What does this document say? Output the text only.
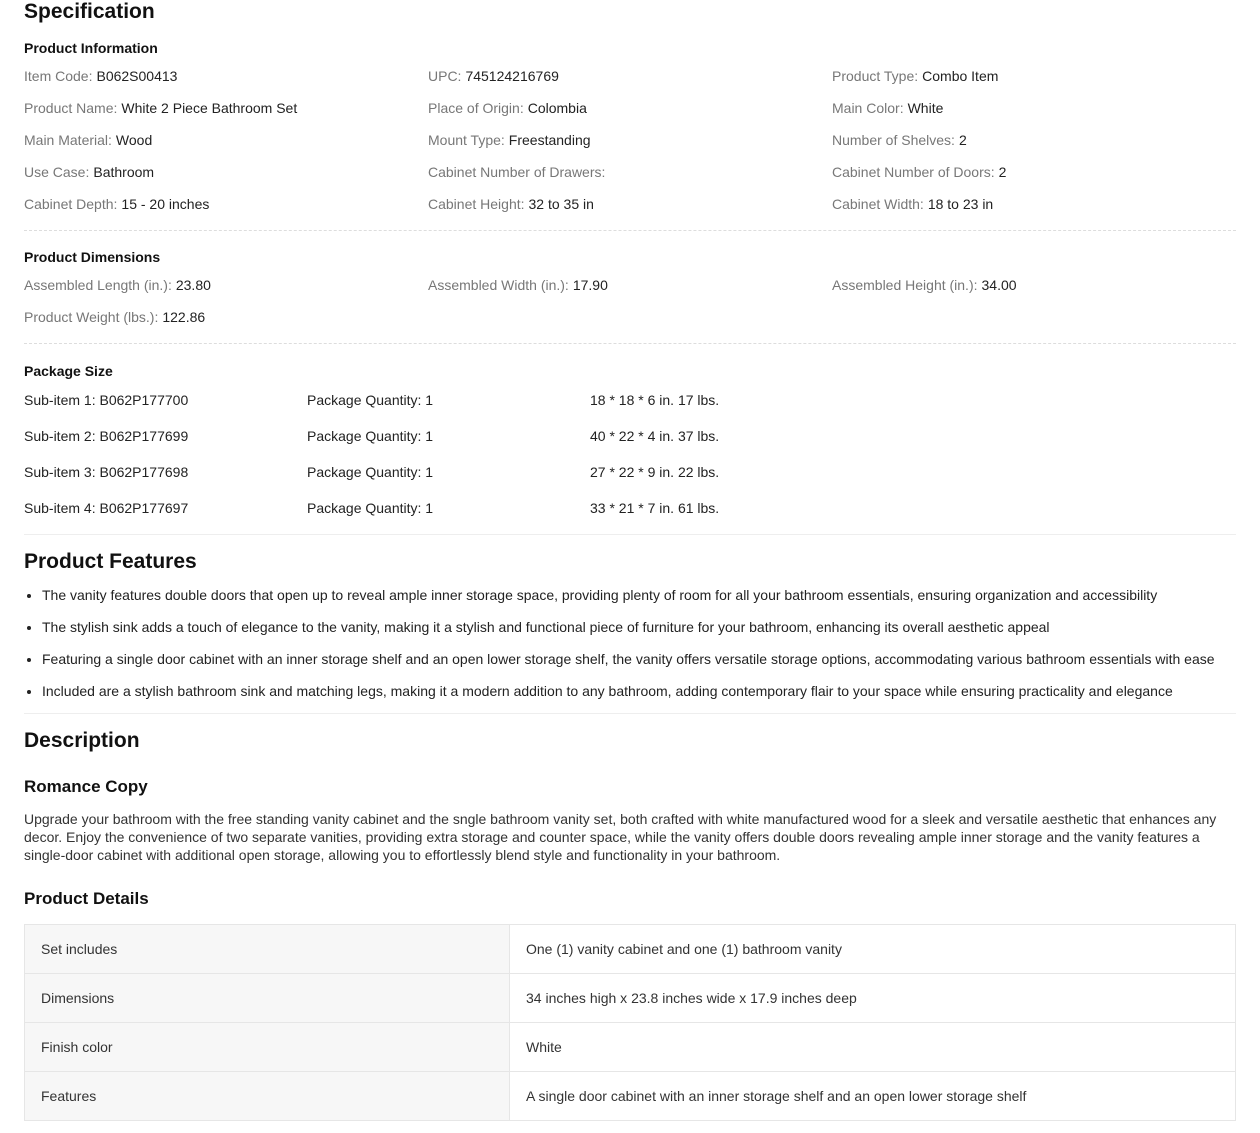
Specification
Product Information
Item Code: B062S00413	UPC: 745124216769	Product Type: Combo Item
Product Name: White 2 Piece Bathroom Set	Place of Origin: Colombia	Main Color: White
Main Material: Wood	Mount Type: Freestanding	Number of Shelves: 2
Use Case: Bathroom	Cabinet Number of Drawers:	Cabinet Number of Doors: 2
Cabinet Depth: 15 - 20 inches	Cabinet Height: 32 to 35 in	Cabinet Width: 18 to 23 in
Product Dimensions
Assembled Length (in.): 23.80	Assembled Width (in.): 17.90	Assembled Height (in.): 34.00
Product Weight (lbs.): 122.86
Package Size
Sub-item 1: B062P177700	Package Quantity: 1	18 * 18 * 6 in. 17 lbs.
Sub-item 2: B062P177699	Package Quantity: 1	40 * 22 * 4 in. 37 lbs.
Sub-item 3: B062P177698	Package Quantity: 1	27 * 22 * 9 in. 22 lbs.
Sub-item 4: B062P177697	Package Quantity: 1	33 * 21 * 7 in. 61 lbs.
Product Features
• The vanity features double doors that open up to reveal ample inner storage space, providing plenty of room for all your bathroom essentials, ensuring organization and accessibility
• The stylish sink adds a touch of elegance to the vanity, making it a stylish and functional piece of furniture for your bathroom, enhancing its overall aesthetic appeal
• Featuring a single door cabinet with an inner storage shelf and an open lower storage shelf, the vanity offers versatile storage options, accommodating various bathroom essentials with ease
• Included are a stylish bathroom sink and matching legs, making it a modern addition to any bathroom, adding contemporary flair to your space while ensuring practicality and elegance
Description
Romance Copy

Upgrade your bathroom with the free standing vanity cabinet and the sngle bathroom vanity set, both crafted with white manufactured wood for a sleek and versatile aesthetic that enhances any decor. Enjoy the convenience of two separate vanities, providing extra storage and counter space, while the vanity offers double doors revealing ample inner storage and the vanity features a single-door cabinet with additional open storage, allowing you to effortlessly blend style and functionality in your bathroom.

Product Details
Set includes	One (1) vanity cabinet and one (1) bathroom vanity
Dimensions	34 inches high x 23.8 inches wide x 17.9 inches deep
Finish color	White
Features	A single door cabinet with an inner storage shelf and an open lower storage shelf
